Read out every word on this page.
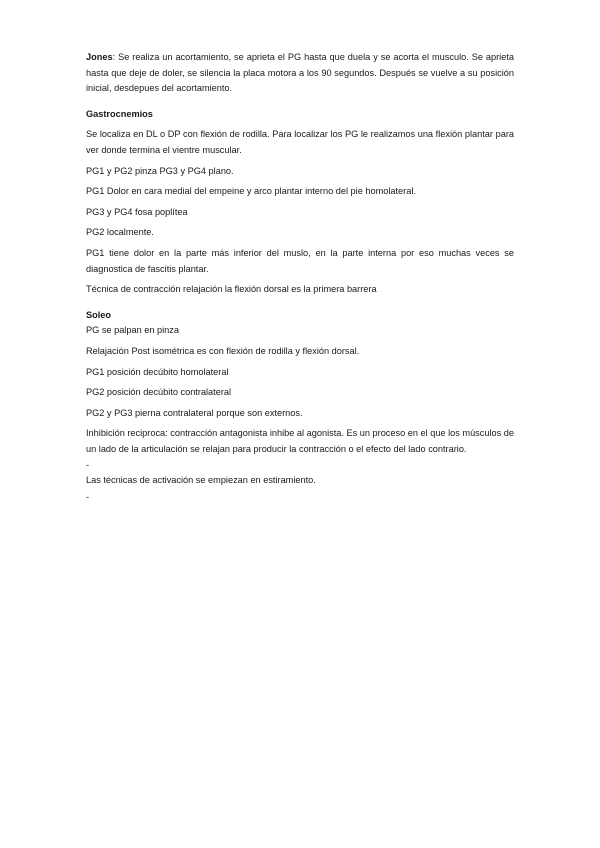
Jones: Se realiza un acortamiento, se aprieta el PG hasta que duela y se acorta el musculo. Se aprieta hasta que deje de doler, se silencia la placa motora a los 90 segundos. Después se vuelve a su posición inicial, desdepues del acortamiento.

Gastrocnemios

Se localiza en DL o DP con flexión de rodilla. Para localizar los PG le realizamos una flexión plantar para ver donde termina el vientre muscular.

PG1 y PG2 pinza PG3 y PG4 plano.

PG1 Dolor en cara medial del empeine y arco plantar interno del pie homolateral.

PG3 y PG4 fosa poplítea

PG2 localmente.

PG1 tiene dolor en la parte más inferior del muslo, en la parte interna por eso muchas veces se diagnostica de fascitis plantar.

Técnica de contracción relajación la flexión dorsal es la primera barrera

Soleo

PG se palpan en pinza

Relajación Post isométrica es con flexión de rodilla y flexión dorsal.

PG1 posición decúbito homolateral

PG2 posición decúbito contralateral

PG2 y PG3 pierna contralateral porque son externos.

Inhibición reciproca: contracción antagonista inhibe al agonista. Es un proceso en el que los músculos de un lado de la articulación se relajan para producir la contracción o el efecto del lado contrario.

-

Las técnicas de activación se empiezan en estiramiento.

-
